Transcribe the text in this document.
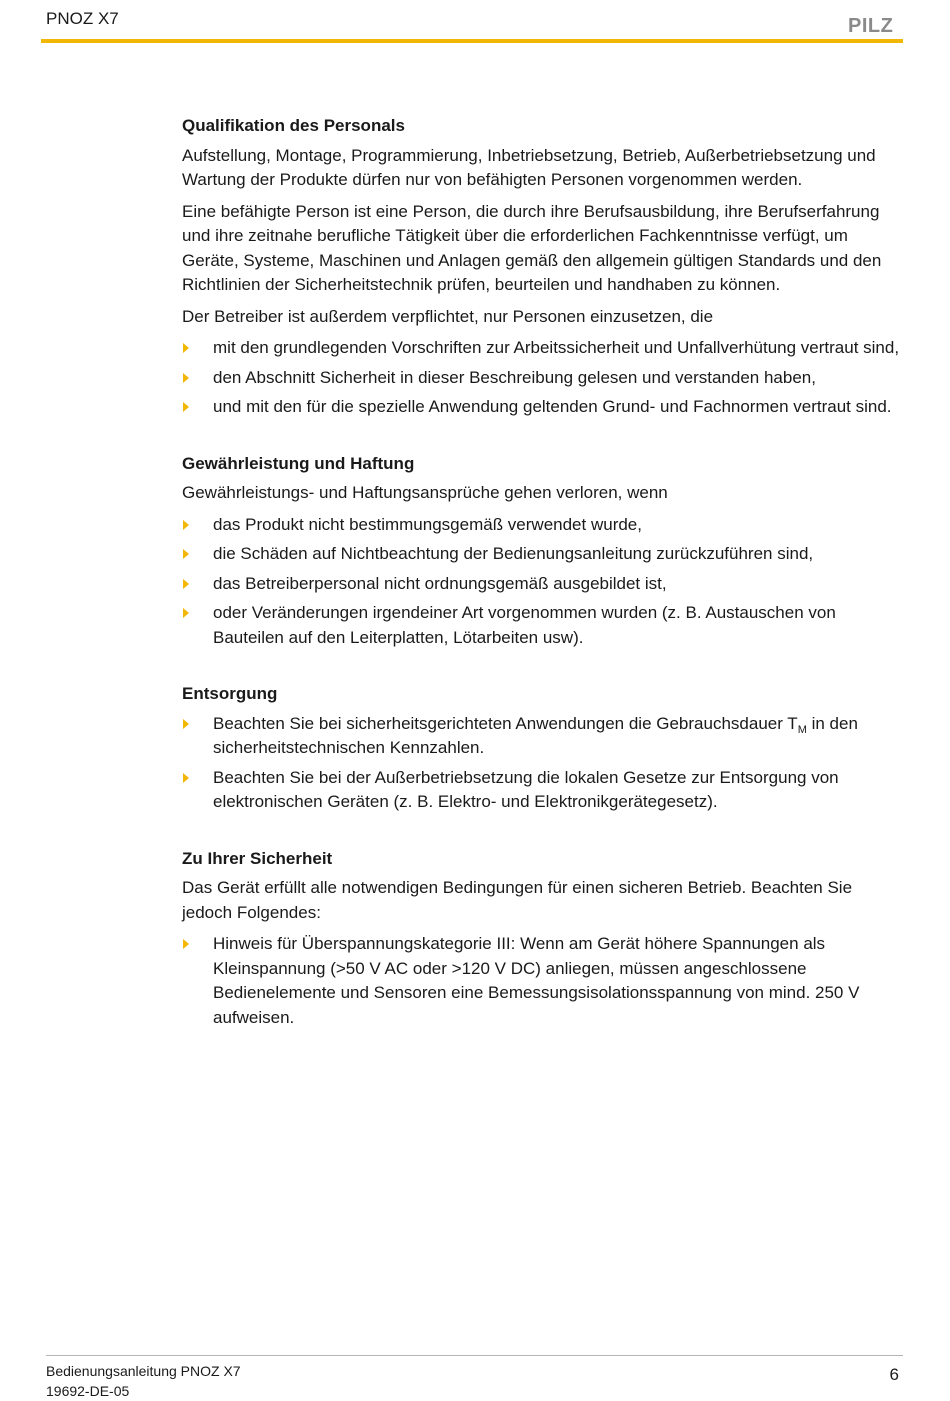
PNOZ X7	PILZ
Qualifikation des Personals

Aufstellung, Montage, Programmierung, Inbetriebsetzung, Betrieb, Außerbetriebsetzung und Wartung der Produkte dürfen nur von befähigten Personen vorgenommen werden.

Eine befähigte Person ist eine Person, die durch ihre Berufsausbildung, ihre Berufserfahrung und ihre zeitnahe berufliche Tätigkeit über die erforderlichen Fachkenntnisse verfügt, um Geräte, Systeme, Maschinen und Anlagen gemäß den allgemein gültigen Standards und den Richtlinien der Sicherheitstechnik prüfen, beurteilen und handhaben zu können.

Der Betreiber ist außerdem verpflichtet, nur Personen einzusetzen, die

mit den grundlegenden Vorschriften zur Arbeitssicherheit und Unfallverhütung vertraut sind,
den Abschnitt Sicherheit in dieser Beschreibung gelesen und verstanden haben,
und mit den für die spezielle Anwendung geltenden Grund- und Fachnormen vertraut sind.
Gewährleistung und Haftung

Gewährleistungs- und Haftungsansprüche gehen verloren, wenn

das Produkt nicht bestimmungsgemäß verwendet wurde,
die Schäden auf Nichtbeachtung der Bedienungsanleitung zurückzuführen sind,
das Betreiberpersonal nicht ordnungsgemäß ausgebildet ist,
oder Veränderungen irgendeiner Art vorgenommen wurden (z. B. Austauschen von Bauteilen auf den Leiterplatten, Lötarbeiten usw).
Entsorgung
Beachten Sie bei sicherheitsgerichteten Anwendungen die Gebrauchsdauer $T_M$ in den sicherheitstechnischen Kennzahlen.
Beachten Sie bei der Außerbetriebsetzung die lokalen Gesetze zur Entsorgung von elektronischen Geräten (z. B. Elektro- und Elektronikgerätegesetz).
Zu Ihrer Sicherheit

Das Gerät erfüllt alle notwendigen Bedingungen für einen sicheren Betrieb. Beachten Sie jedoch Folgendes:

Hinweis für Überspannungskategorie III: Wenn am Gerät höhere Spannungen als Kleinspannung (>50 V AC oder >120 V DC) anliegen, müssen angeschlossene Bedienelemente und Sensoren eine Bemessungsisolationsspannung von mind. 250 V aufweisen.
Bedienungsanleitung PNOZ X7
19692-DE-05
6
